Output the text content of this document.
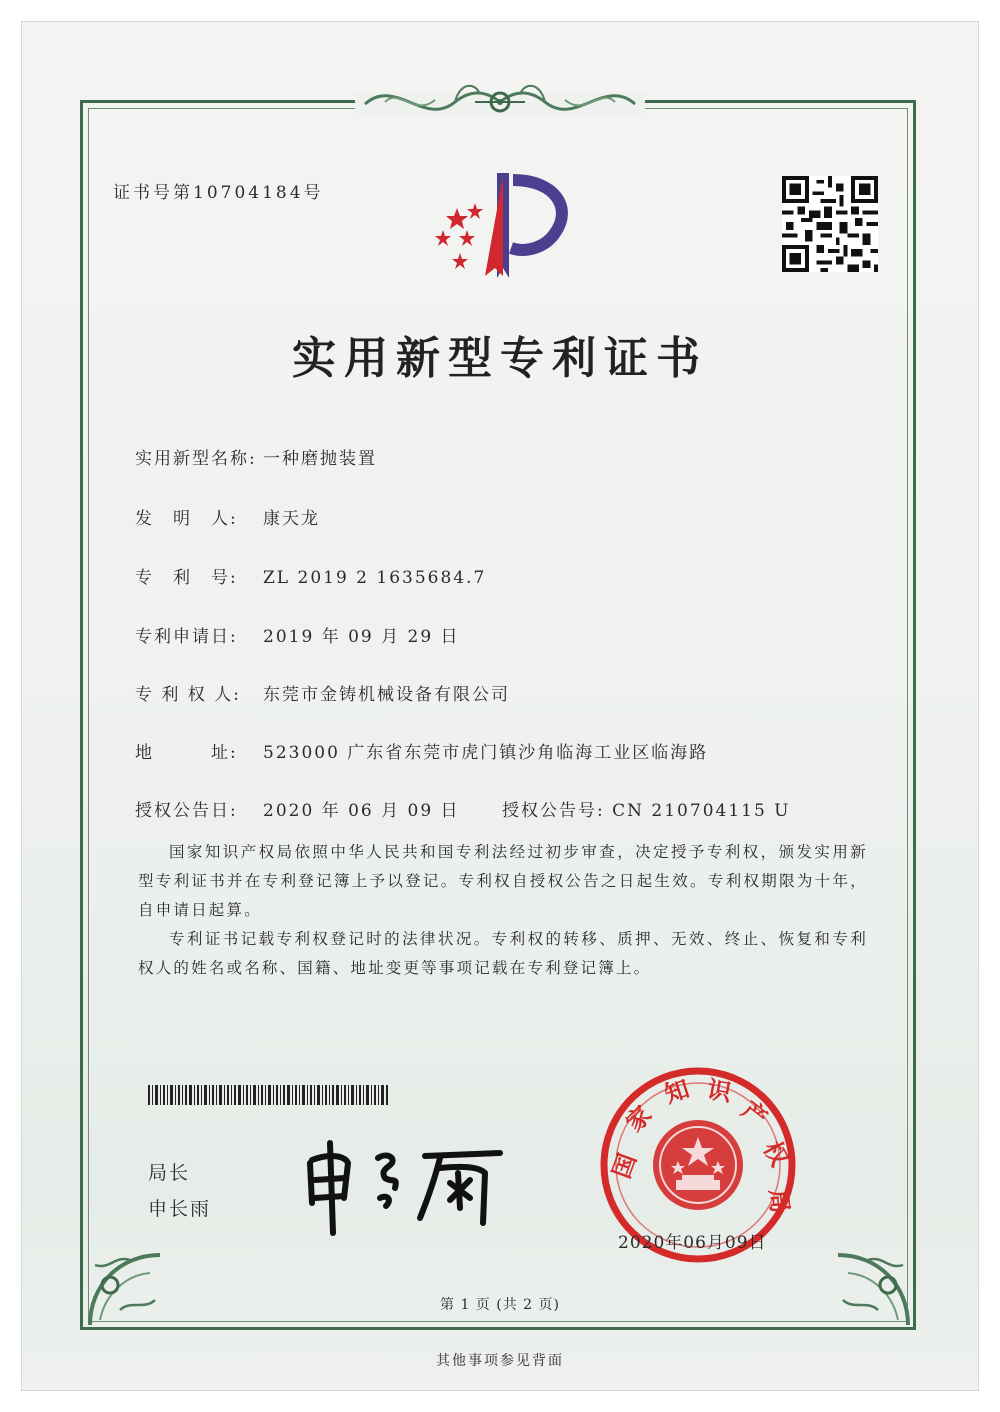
证书号第10704184号
实用新型专利证书
实用新型名称: 一种磨抛装置
发　明　人: 康天龙
专　利　号: ZL 2019 2 1635684.7
专利申请日: 2019 年 09 月 29 日
专 利 权 人: 东莞市金铸机械设备有限公司
地　　　址: 523000 广东省东莞市虎门镇沙角临海工业区临海路
授权公告日: 2020 年 06 月 09 日 授权公告号: CN 210704115 U
国家知识产权局依照中华人民共和国专利法经过初步审查，决定授予专利权，颁发实用新型专利证书并在专利登记簿上予以登记。专利权自授权公告之日起生效。专利权期限为十年，自申请日起算。
专利证书记载专利权登记时的法律状况。专利权的转移、质押、无效、终止、恢复和专利权人的姓名或名称、国籍、地址变更等事项记载在专利登记簿上。
局长
申长雨
国
家
知 识
产
权
局
2020年06月09日
第 1 页 (共 2 页)
其他事项参见背面
